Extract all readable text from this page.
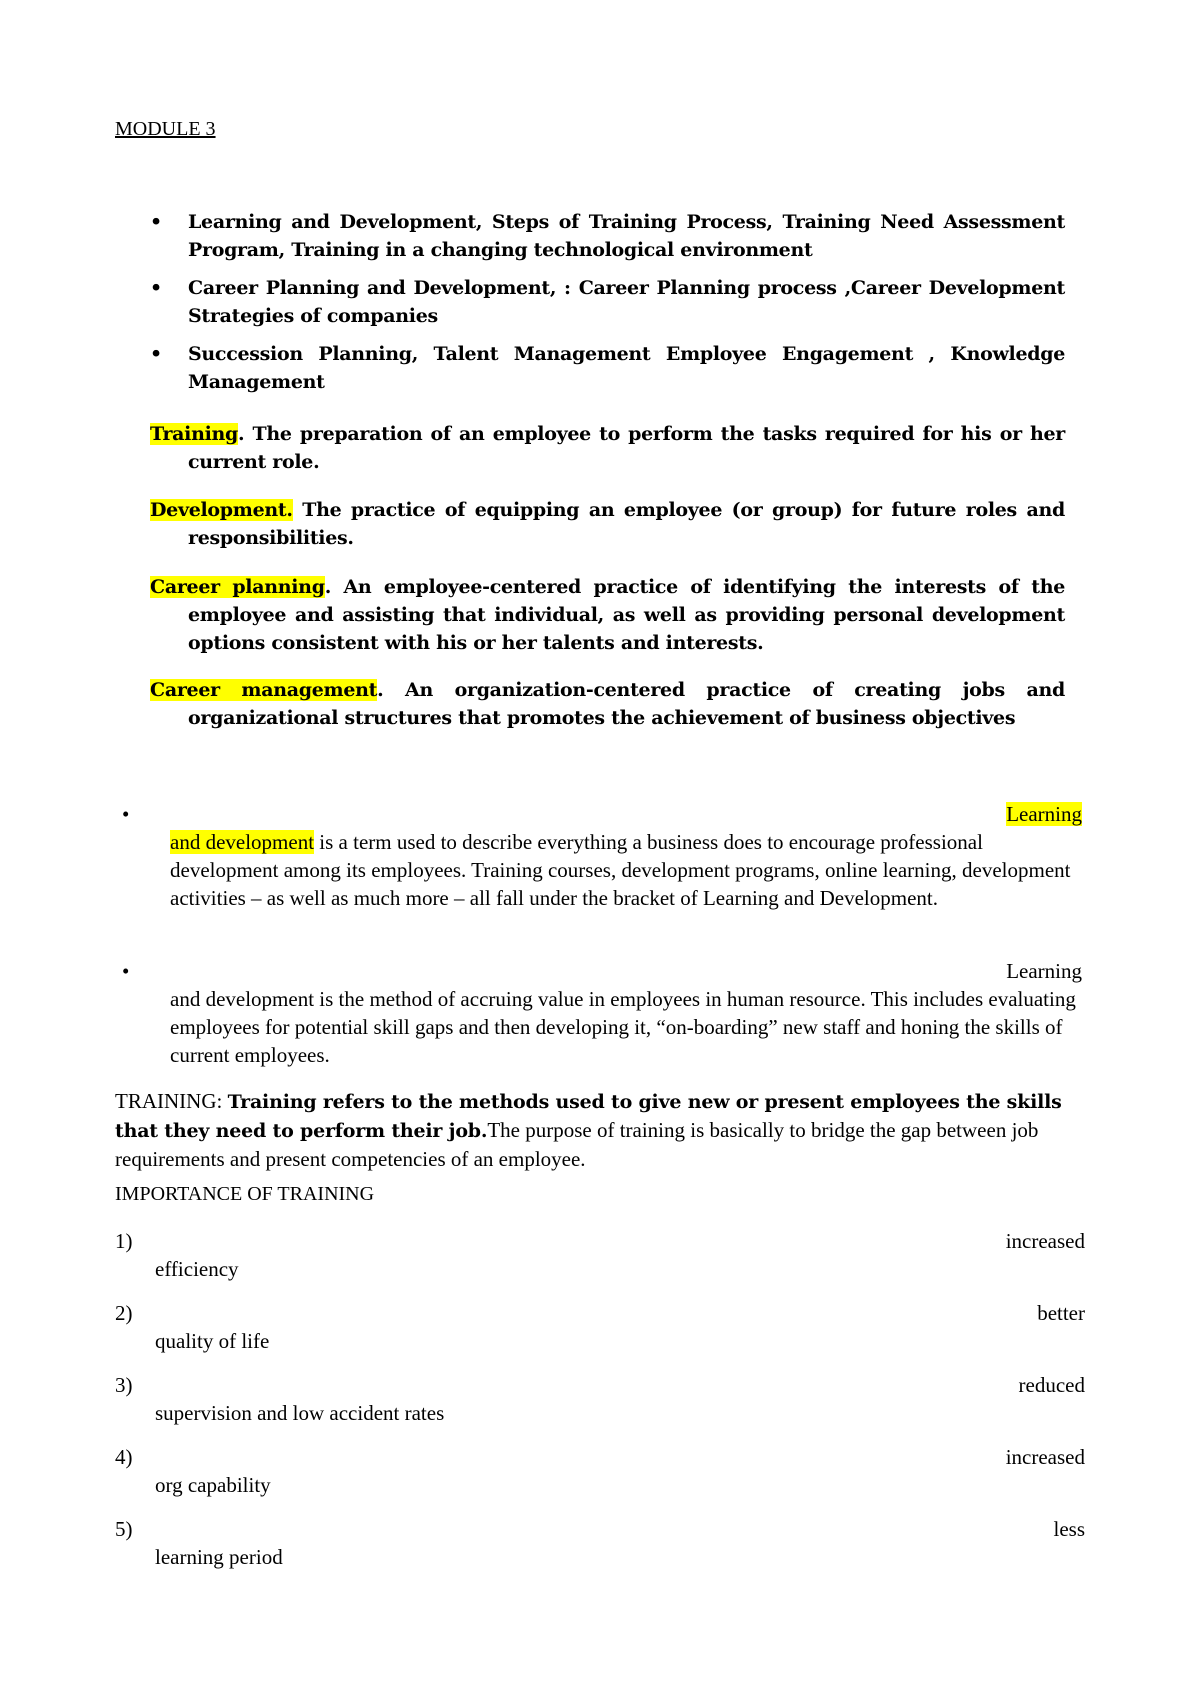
MODULE 3
• Learning and Development, Steps of Training Process, Training Need Assessment Program, Training in a changing technological environment
• Career Planning and Development, : Career Planning process ,Career Development Strategies of companies
• Succession Planning, Talent Management Employee Engagement , Knowledge Management
Training. The preparation of an employee to perform the tasks required for his or her current role.
Development. The practice of equipping an employee (or group) for future roles and responsibilities.
Career planning. An employee-centered practice of identifying the interests of the employee and assisting that individual, as well as providing personal development options consistent with his or her talents and interests.
Career management. An organization-centered practice of creating jobs and organizational structures that promotes the achievement of business objectives
•	Learning
and development is a term used to describe everything a business does to encourage professional development among its employees. Training courses, development programs, online learning, development activities – as well as much more – all fall under the bracket of Learning and Development.
•	Learning
and development is the method of accruing value in employees in human resource. This includes evaluating employees for potential skill gaps and then developing it, “on-boarding” new staff and honing the skills of current employees.
TRAINING: Training refers to the methods used to give new or present employees the skills that they need to perform their job.The purpose of training is basically to bridge the gap between job requirements and present competencies of an employee.
IMPORTANCE OF TRAINING
1)	increased
efficiency
2)	better
quality of life
3)	reduced
supervision and low accident rates
4)	increased
org capability
5)	less
learning period
